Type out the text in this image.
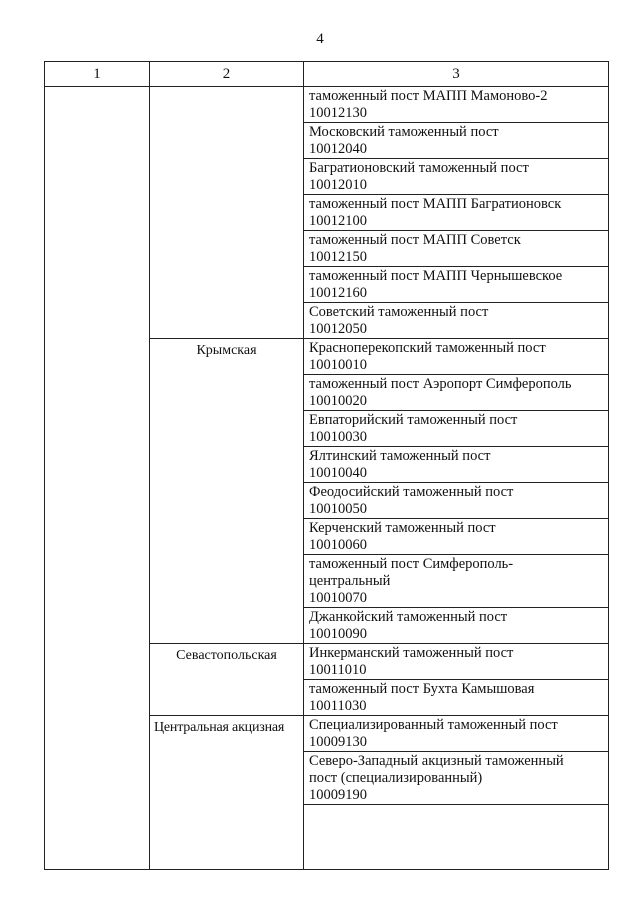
4
1	2	3

		таможенный пост МАПП Мамоново-2
10012130

		Московский таможенный пост
10012040

		Багратионовский таможенный пост
10012010

		таможенный пост МАПП Багратионовск
10012100

		таможенный пост МАПП Советск
10012150

		таможенный пост МАПП Чернышевское
10012160

		Советский таможенный пост
10012050

	Крымская	Красноперекопский таможенный пост
10010010

		таможенный пост Аэропорт Симферополь
10010020

		Евпаторийский таможенный пост
10010030

		Ялтинский таможенный пост
10010040

		Феодосийский таможенный пост
10010050

		Керченский таможенный пост
10010060

		таможенный пост Симферополь-
центральный
10010070

		Джанкойский таможенный пост
10010090

	Севастопольская	Инкерманский таможенный пост
10011010

		таможенный пост Бухта Камышовая
10011030

	Центральная акцизная	Специализированный таможенный пост
10009130

		Северо-Западный акцизный таможенный
пост (специализированный)
10009190
